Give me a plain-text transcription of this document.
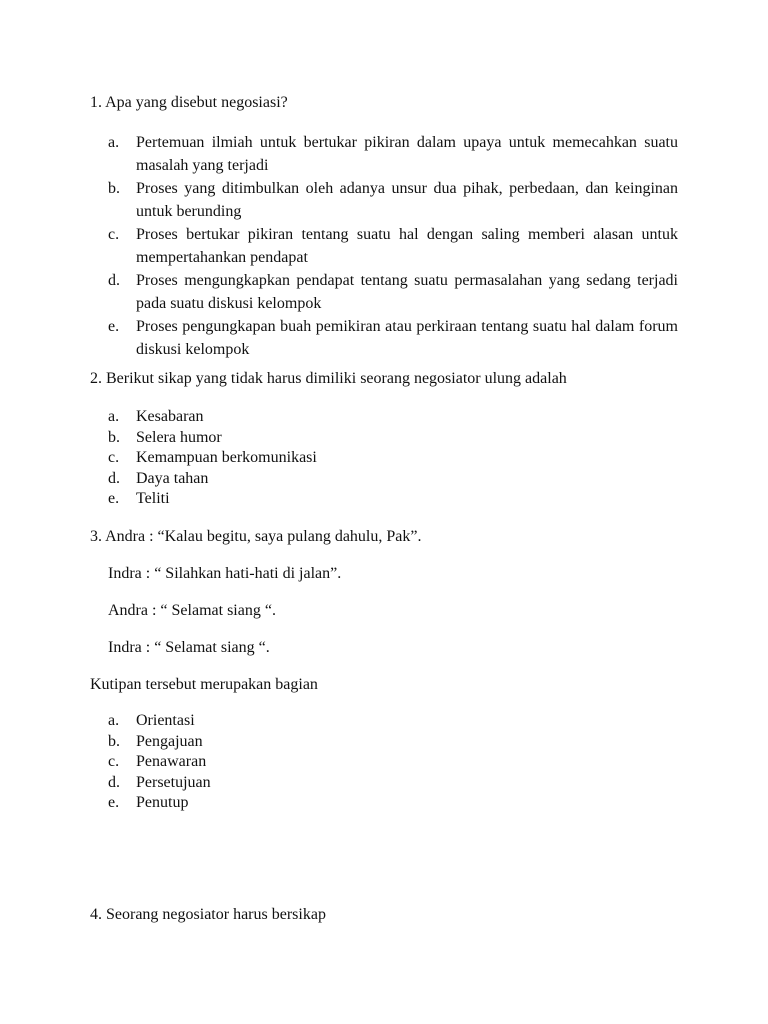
1. Apa yang disebut negosiasi?

a.	Pertemuan ilmiah untuk bertukar pikiran dalam upaya untuk memecahkan suatu masalah yang terjadi
b.	Proses yang ditimbulkan oleh adanya unsur dua pihak, perbedaan, dan keinginan untuk berunding
c.	Proses bertukar pikiran tentang suatu hal dengan saling memberi alasan untuk mempertahankan pendapat
d.	Proses mengungkapkan pendapat tentang suatu permasalahan yang sedang terjadi pada suatu diskusi kelompok
e.	Proses pengungkapan buah pemikiran atau perkiraan tentang suatu hal dalam forum diskusi kelompok

2. Berikut sikap yang tidak harus dimiliki seorang negosiator ulung adalah

a.	Kesabaran
b.	Selera humor
c.	Kemampuan berkomunikasi
d.	Daya tahan
e.	Teliti

3. Andra : “Kalau begitu, saya pulang dahulu, Pak”.

Indra : “ Silahkan hati-hati di jalan”.

Andra : “ Selamat siang “.

Indra : “ Selamat siang “.

Kutipan tersebut merupakan bagian

a.	Orientasi
b.	Pengajuan
c.	Penawaran
d.	Persetujuan
e.	Penutup

4. Seorang negosiator harus bersikap
